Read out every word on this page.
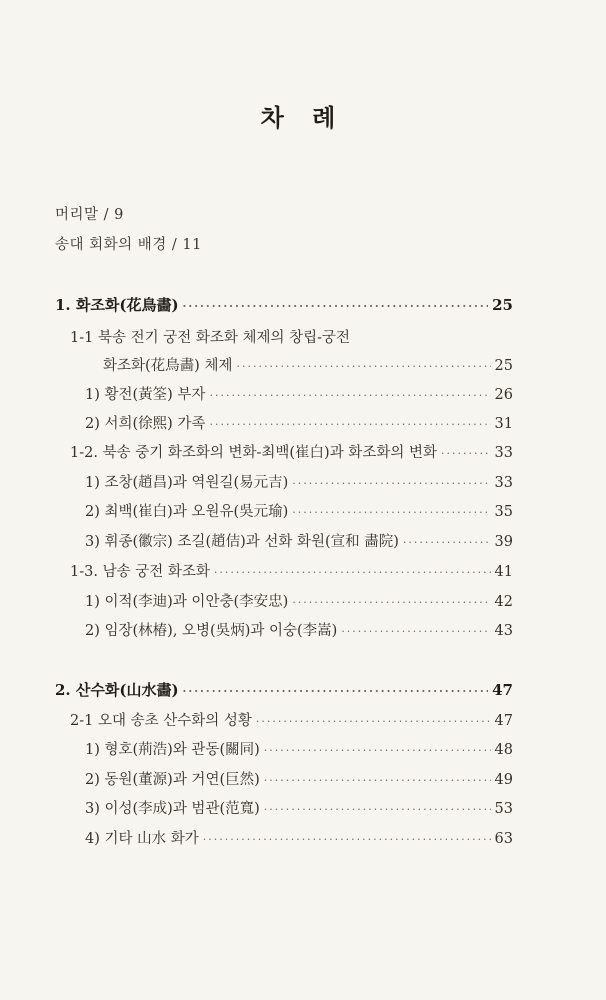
차 례
머리말 / 9
송대 회화의 배경 / 11
1. 화조화(花鳥畵) ·····	25
1-1 북송 전기 궁전 화조화 체제의 창립-궁전
화조화(花鳥畵) 체제 ·····	25
1) 황전(黃筌) 부자 ·····	26
2) 서희(徐熙) 가족 ·····	31
1-2. 북송 중기 화조화의 변화-최백(崔白)과 화조화의 변화 ·····	33
1) 조창(趙昌)과 역원길(易元吉) ·····	33
2) 최백(崔白)과 오원유(吳元瑜) ·····	35
3) 휘종(徽宗) 조길(趙佶)과 선화 화원(宣和 畵院) ·····	39
1-3. 남송 궁전 화조화 ·····	41
1) 이적(李迪)과 이안충(李安忠) ·····	42
2) 임장(林椿), 오병(吳炳)과 이숭(李嵩) ·····	43
2. 산수화(山水畵) ·····	47
2-1 오대 송초 산수화의 성황 ·····	47
1) 형호(荊浩)와 관동(關同) ·····	48
2) 동원(董源)과 거연(巨然) ·····	49
3) 이성(李成)과 범관(范寬) ·····	53
4) 기타 山水 화가 ·····	63
